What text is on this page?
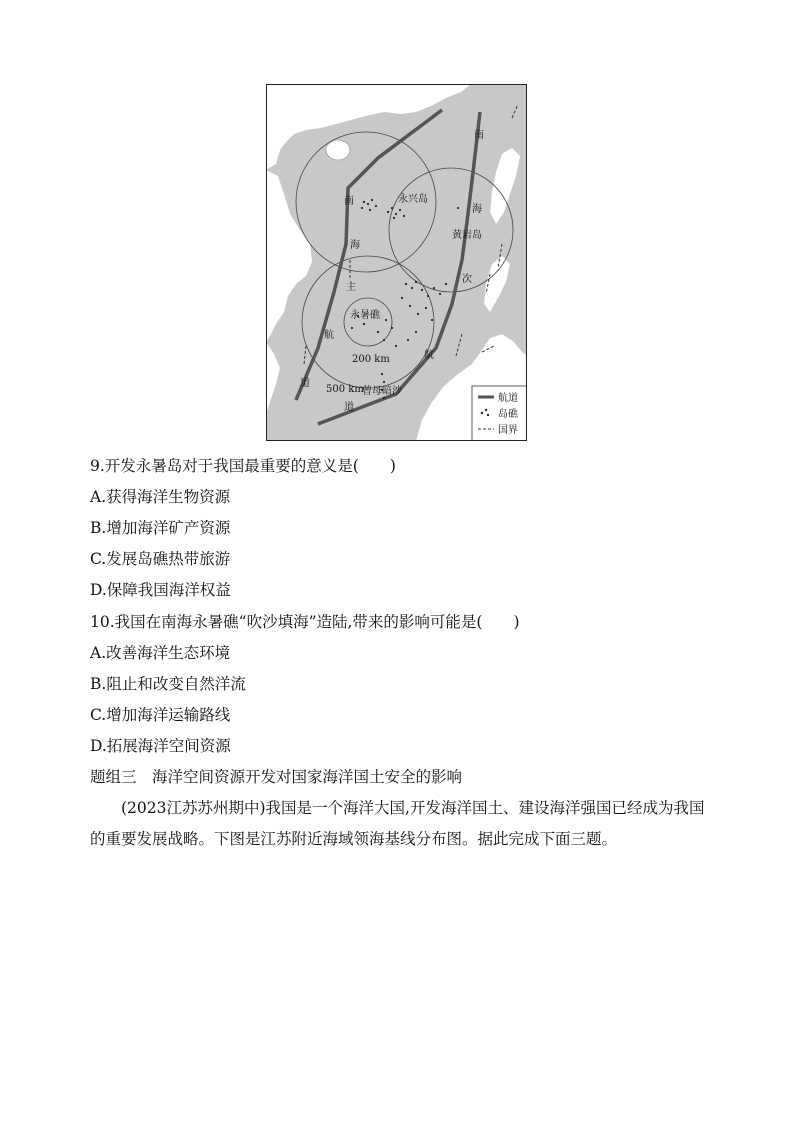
南
南	永兴岛
海
黄岩岛
海
主
次
永暑礁
航
航
200 km
道
500 km
曾母暗沙
道
航道
岛礁
国界
9.开发永暑岛对于我国最重要的意义是(　　)
A.获得海洋生物资源
B.增加海洋矿产资源
C.发展岛礁热带旅游
D.保障我国海洋权益
10.我国在南海永暑礁“吹沙填海”造陆,带来的影响可能是(　　)
A.改善海洋生态环境
B.阻止和改变自然洋流
C.增加海洋运输路线
D.拓展海洋空间资源
题组三　海洋空间资源开发对国家海洋国土安全的影响
(2023江苏苏州期中)我国是一个海洋大国,开发海洋国土、建设海洋强国已经成为我国的重要发展战略。下图是江苏附近海域领海基线分布图。据此完成下面三题。
